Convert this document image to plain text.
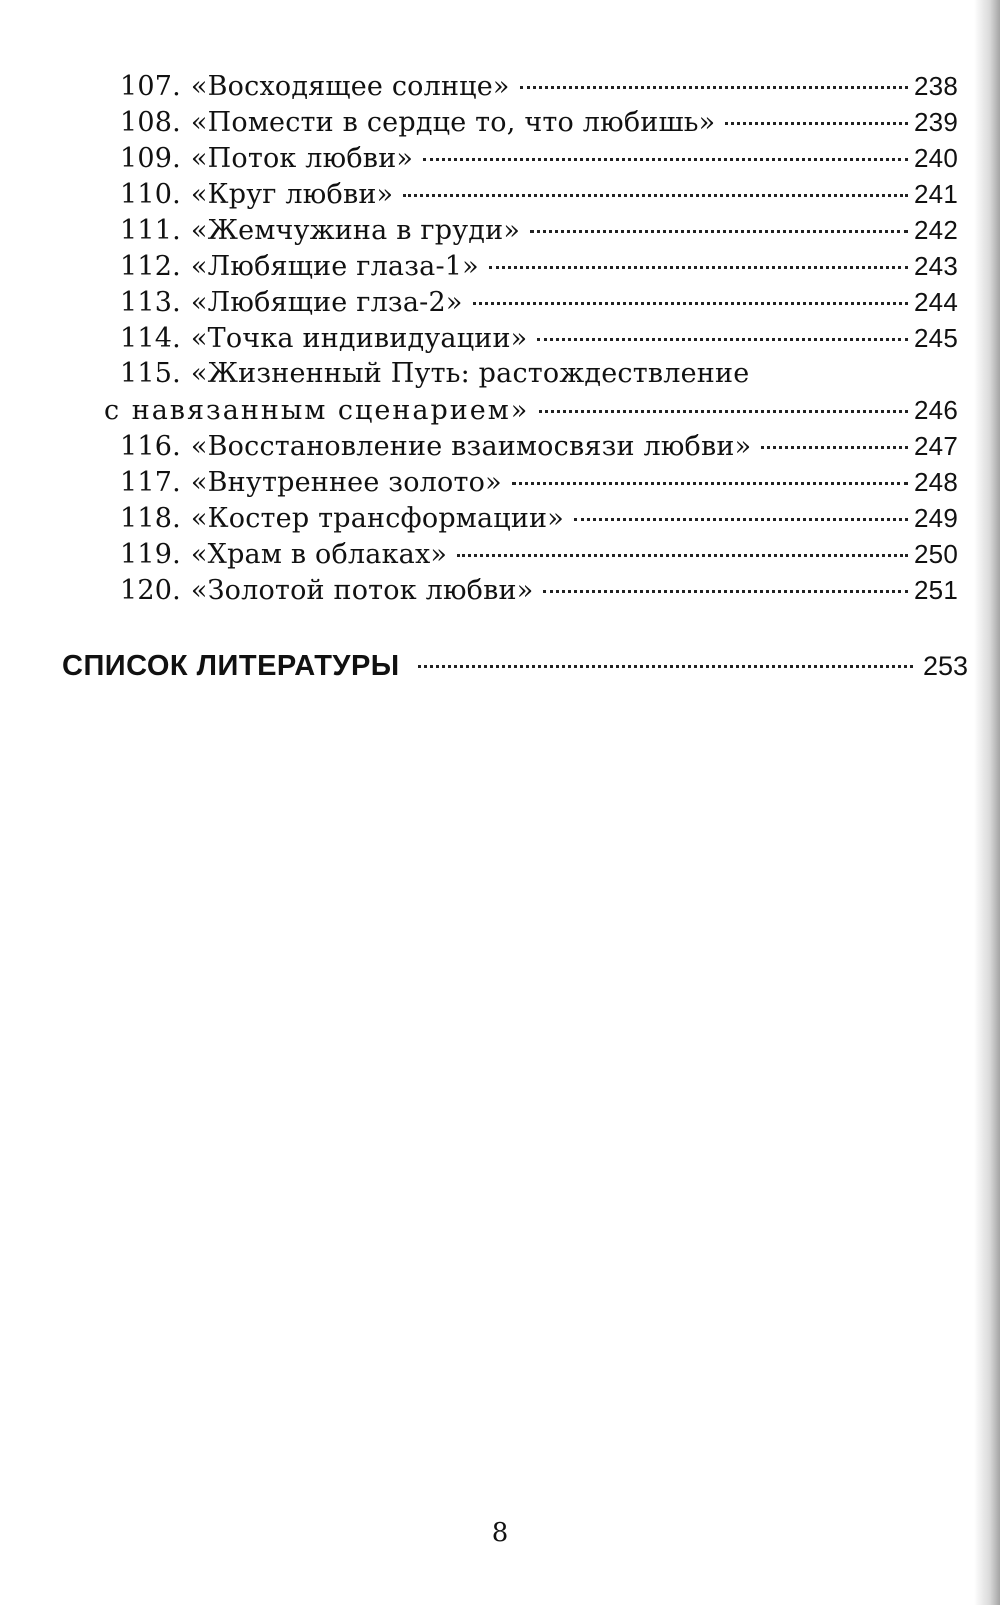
107. «Восходящее солнце»	238
108. «Помести в сердце то, что любишь»	239
109. «Поток любви»	240
110. «Круг любви»	241
111. «Жемчужина в груди»	242
112. «Любящие глаза-1»	243
113. «Любящие глза-2»	244
114. «Точка индивидуации»	245
115. «Жизненный Путь: растождествление
с навязанным сценарием»	246
116. «Восстановление взаимосвязи любви»	247
117. «Внутреннее золото»	248
118. «Костер трансформации»	249
119. «Храм в облаках»	250
120. «Золотой поток любви»	251
СПИСОК ЛИТЕРАТУРЫ	253
8
